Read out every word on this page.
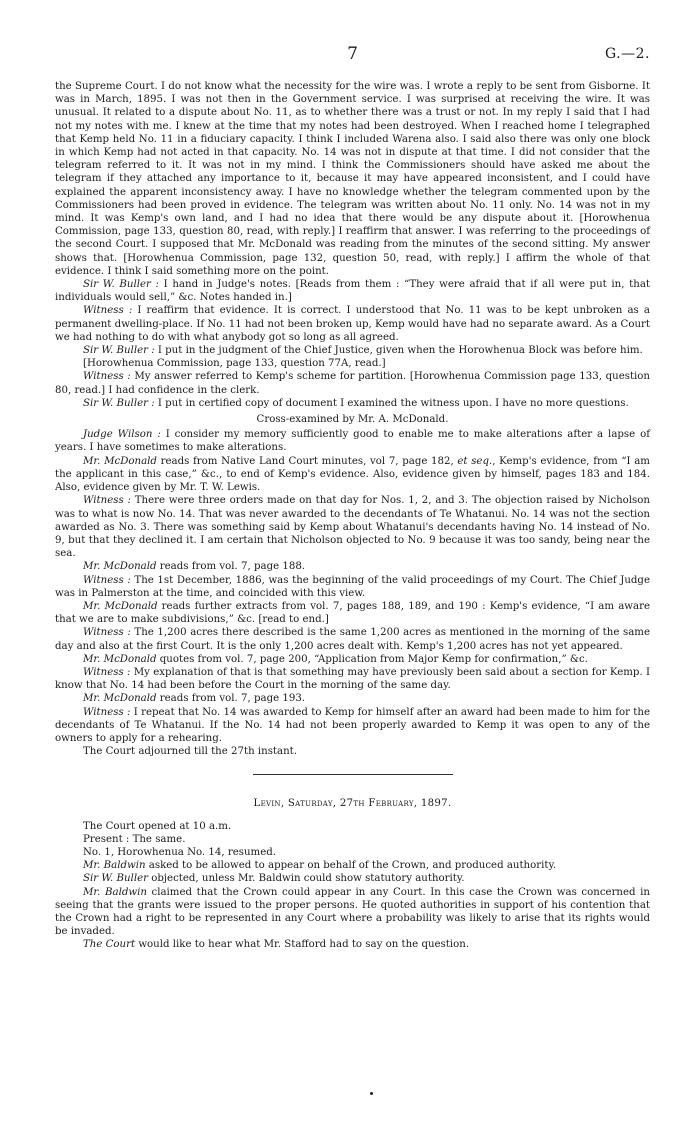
7	G.—2.

the Supreme Court. I do not know what the necessity for the wire was. I wrote a reply to be sent from Gisborne. It was in March, 1895. I was not then in the Government service. I was surprised at receiving the wire. It was unusual. It related to a dispute about No. 11, as to whether there was a trust or not. In my reply I said that I had not my notes with me. I knew at the time that my notes had been destroyed. When I reached home I telegraphed that Kemp held No. 11 in a fiduciary capacity. I think I included Warena also. I said also there was only one block in which Kemp had not acted in that capacity. No. 14 was not in dispute at that time. I did not consider that the telegram referred to it. It was not in my mind. I think the Commissioners should have asked me about the telegram if they attached any importance to it, because it may have appeared inconsistent, and I could have explained the apparent inconsistency away. I have no knowledge whether the telegram commented upon by the Commissioners had been proved in evidence. The telegram was written about No. 11 only. No. 14 was not in my mind. It was Kemp's own land, and I had no idea that there would be any dispute about it. [Horowhenua Commission, page 133, question 80, read, with reply.] I reaffirm that answer. I was referring to the proceedings of the second Court. I supposed that Mr. McDonald was reading from the minutes of the second sitting. My answer shows that. [Horowhenua Commission, page 132, question 50, read, with reply.] I affirm the whole of that evidence. I think I said something more on the point.

Sir W. Buller : I hand in Judge's notes. [Reads from them : “They were afraid that if all were put in, that individuals would sell,” &c. Notes handed in.]

Witness : I reaffirm that evidence. It is correct. I understood that No. 11 was to be kept unbroken as a permanent dwelling-place. If No. 11 had not been broken up, Kemp would have had no separate award. As a Court we had nothing to do with what anybody got so long as all agreed.

Sir W. Buller : I put in the judgment of the Chief Justice, given when the Horowhenua Block was before him.

[Horowhenua Commission, page 133, question 77A, read.]

Witness : My answer referred to Kemp's scheme for partition. [Horowhenua Commission page 133, question 80, read.] I had confidence in the clerk.

Sir W. Buller : I put in certified copy of document I examined the witness upon. I have no more questions.

Cross-examined by Mr. A. McDonald.

Judge Wilson : I consider my memory sufficiently good to enable me to make alterations after a lapse of years. I have sometimes to make alterations.

Mr. McDonald reads from Native Land Court minutes, vol 7, page 182, et seq., Kemp's evidence, from “I am the applicant in this case,” &c., to end of Kemp's evidence. Also, evidence given by himself, pages 183 and 184. Also, evidence given by Mr. T. W. Lewis.

Witness : There were three orders made on that day for Nos. 1, 2, and 3. The objection raised by Nicholson was to what is now No. 14. That was never awarded to the decendants of Te Whatanui. No. 14 was not the section awarded as No. 3. There was something said by Kemp about Whatanui's decendants having No. 14 instead of No. 9, but that they declined it. I am certain that Nicholson objected to No. 9 because it was too sandy, being near the sea.

Mr. McDonald reads from vol. 7, page 188.

Witness : The 1st December, 1886, was the beginning of the valid proceedings of my Court. The Chief Judge was in Palmerston at the time, and coincided with this view.

Mr. McDonald reads further extracts from vol. 7, pages 188, 189, and 190 : Kemp's evidence, “I am aware that we are to make subdivisions,” &c. [read to end.]

Witness : The 1,200 acres there described is the same 1,200 acres as mentioned in the morning of the same day and also at the first Court. It is the only 1,200 acres dealt with. Kemp's 1,200 acres has not yet appeared.

Mr. McDonald quotes from vol. 7, page 200, “Application from Major Kemp for confirmation,” &c.

Witness : My explanation of that is that something may have previously been said about a section for Kemp. I know that No. 14 had been before the Court in the morning of the same day.

Mr. McDonald reads from vol. 7, page 193.

Witness : I repeat that No. 14 was awarded to Kemp for himself after an award had been made to him for the decendants of Te Whatanui. If the No. 14 had not been properly awarded to Kemp it was open to any of the owners to apply for a rehearing.

The Court adjourned till the 27th instant.

Levin, Saturday, 27th February, 1897.

The Court opened at 10 a.m.

Present : The same.

No. 1, Horowhenua No. 14, resumed.

Mr. Baldwin asked to be allowed to appear on behalf of the Crown, and produced authority.

Sir W. Buller objected, unless Mr. Baldwin could show statutory authority.

Mr. Baldwin claimed that the Crown could appear in any Court. In this case the Crown was concerned in seeing that the grants were issued to the proper persons. He quoted authorities in support of his contention that the Crown had a right to be represented in any Court where a probability was likely to arise that its rights would be invaded.

The Court would like to hear what Mr. Stafford had to say on the question.
